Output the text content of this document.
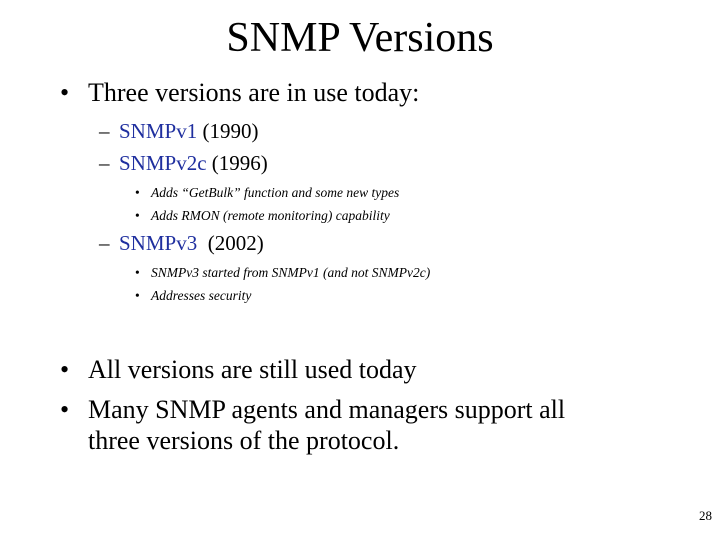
SNMP Versions
• Three versions are in use today:
– SNMPv1 (1990)
– SNMPv2c (1996)
• Adds “GetBulk” function and some new types
• Adds RMON (remote monitoring) capability
– SNMPv3  (2002)
• SNMPv3 started from SNMPv1 (and not SNMPv2c)
• Addresses security
• All versions are still used today
• Many SNMP agents and managers support all
three versions of the protocol.
28
